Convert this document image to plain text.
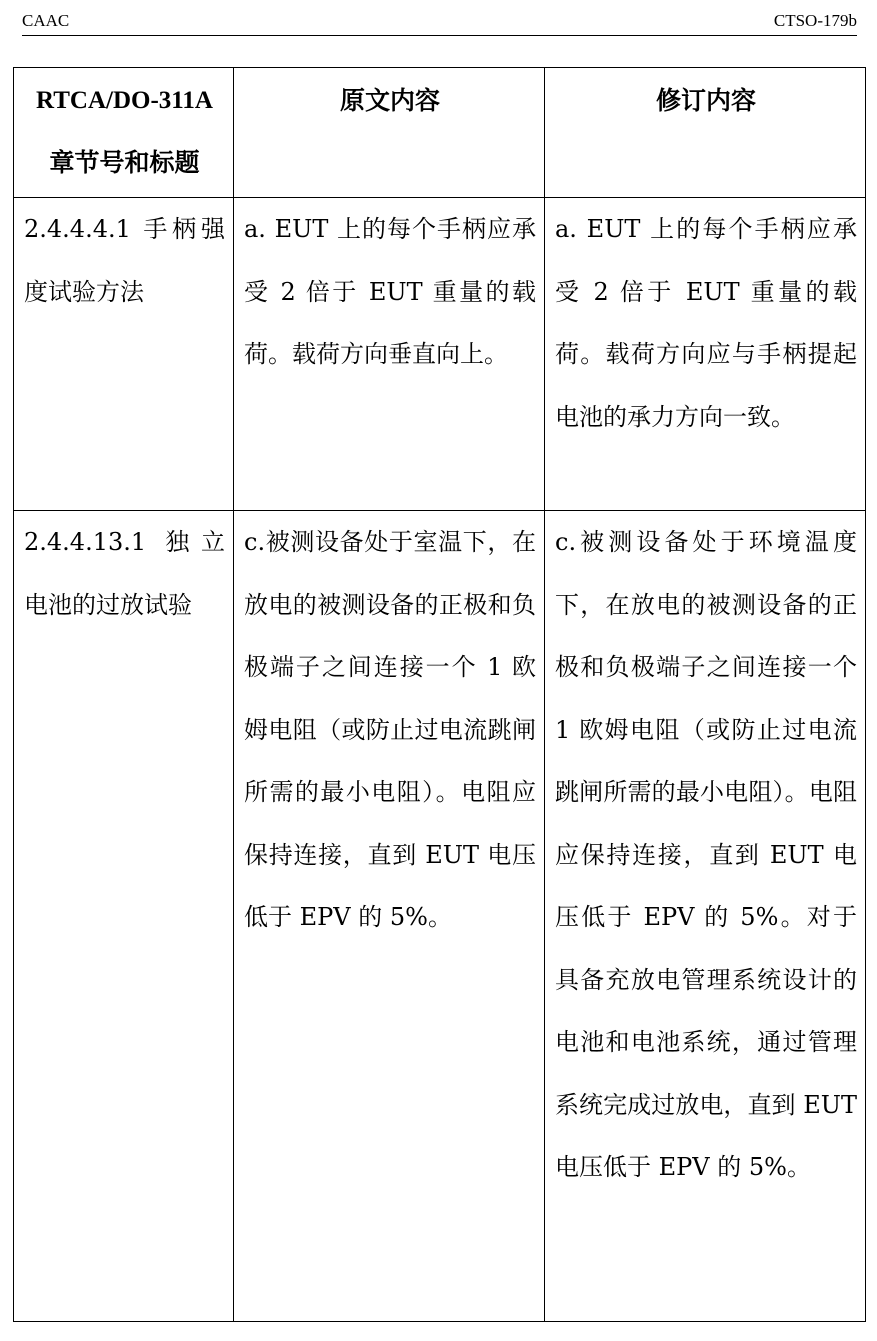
CAAC	CTSO-179b
RTCA/DO-311A
章节号和标题	原文内容	修订内容
2.4.4.4.1 手柄强度试验方法	a. EUT 上的每个手柄应承受 2 倍于 EUT 重量的载荷。载荷方向垂直向上。	a. EUT 上的每个手柄应承受 2 倍于 EUT 重量的载荷。载荷方向应与手柄提起电池的承力方向一致。
2.4.4.13.1 独立电池的过放试验	c.被测设备处于室温下，在放电的被测设备的正极和负极端子之间连接一个 1 欧姆电阻（或防止过电流跳闸所需的最小电阻）。电阻应保持连接，直到 EUT 电压低于 EPV 的 5%。	c.被测设备处于环境温度下，在放电的被测设备的正极和负极端子之间连接一个 1 欧姆电阻（或防止过电流跳闸所需的最小电阻）。电阻应保持连接，直到 EUT 电压低于 EPV 的 5%。对于具备充放电管理系统设计的电池和电池系统，通过管理系统完成过放电，直到 EUT 电压低于 EPV 的 5%。
